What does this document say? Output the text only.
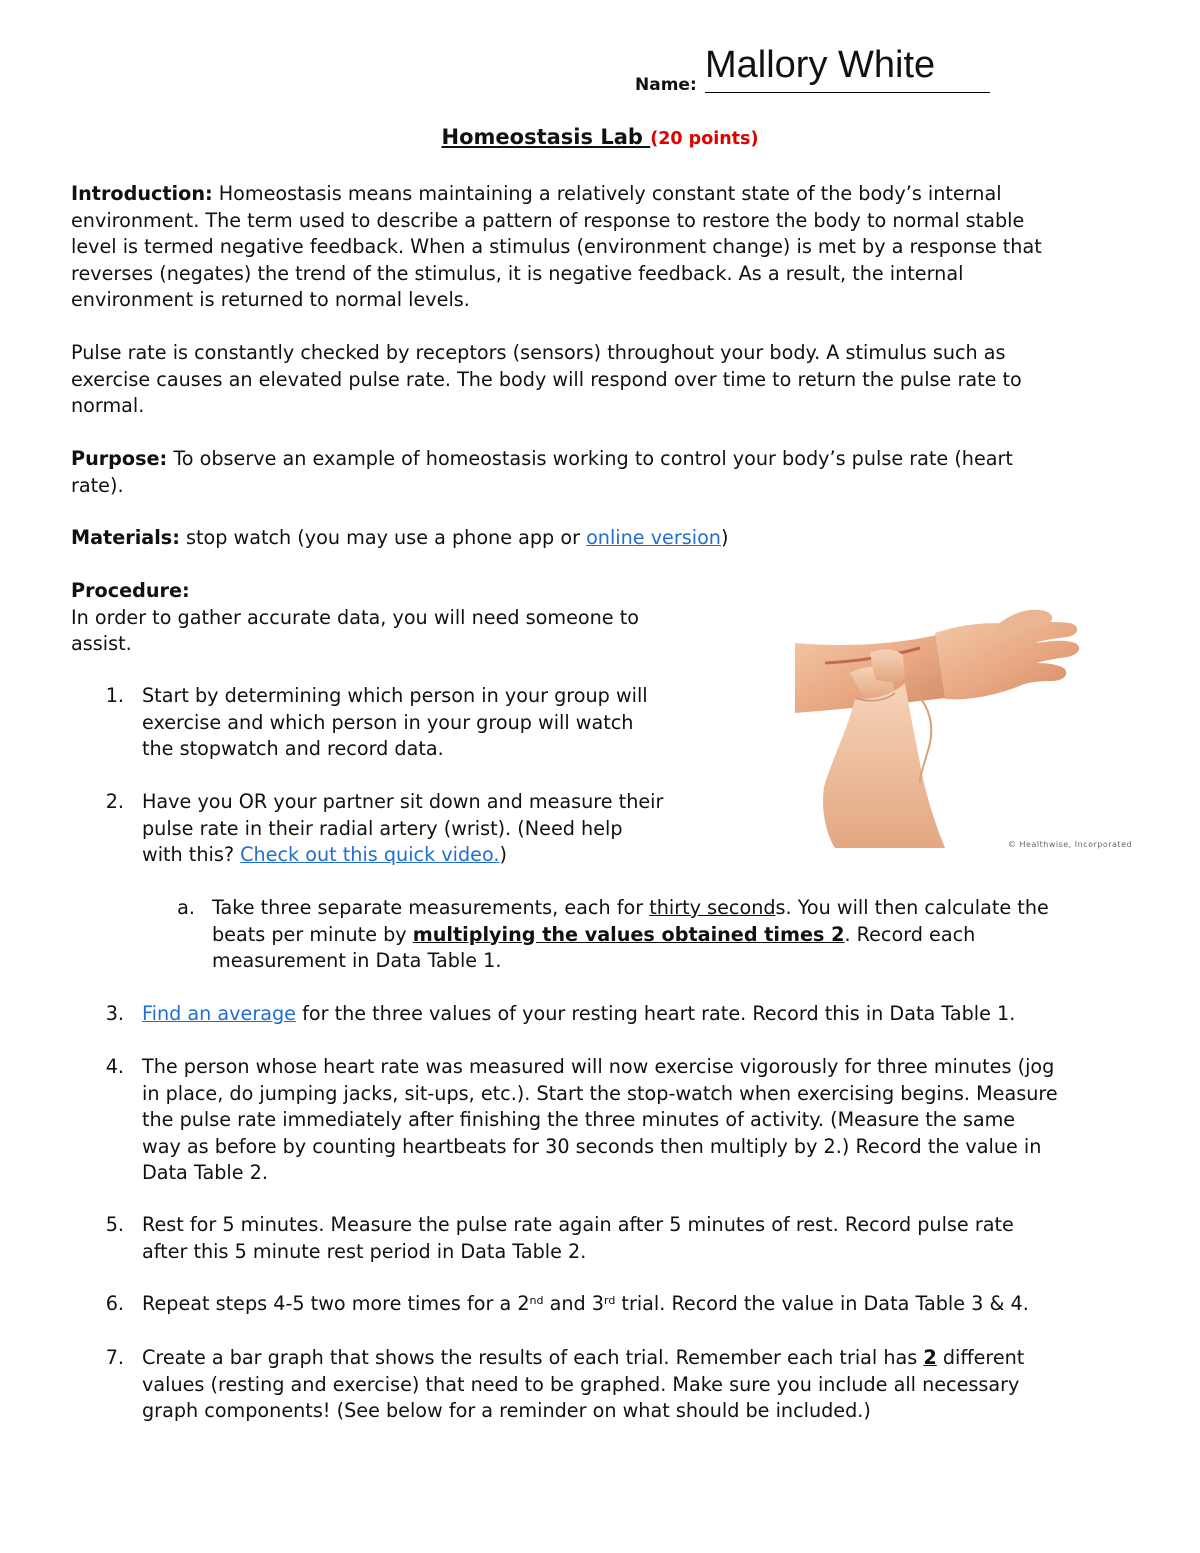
Name: Mallory White
Homeostasis Lab (20 points)
Introduction: Homeostasis means maintaining a relatively constant state of the body’s internal
environment. The term used to describe a pattern of response to restore the body to normal stable
level is termed negative feedback. When a stimulus (environment change) is met by a response that
reverses (negates) the trend of the stimulus, it is negative feedback. As a result, the internal
environment is returned to normal levels.
Pulse rate is constantly checked by receptors (sensors) throughout your body. A stimulus such as
exercise causes an elevated pulse rate. The body will respond over time to return the pulse rate to
normal.
Purpose: To observe an example of homeostasis working to control your body’s pulse rate (heart
rate).
Materials: stop watch (you may use a phone app or online version)
Procedure:
In order to gather accurate data, you will need someone to
assist.
1. Start by determining which person in your group will
exercise and which person in your group will watch
the stopwatch and record data.
2. Have you OR your partner sit down and measure their
pulse rate in their radial artery (wrist). (Need help
with this? Check out this quick video.)
a. Take three separate measurements, each for thirty seconds. You will then calculate the
beats per minute by multiplying the values obtained times 2. Record each
measurement in Data Table 1.
3. Find an average for the three values of your resting heart rate. Record this in Data Table 1.
4. The person whose heart rate was measured will now exercise vigorously for three minutes (jog
in place, do jumping jacks, sit-ups, etc.). Start the stop-watch when exercising begins. Measure
the pulse rate immediately after finishing the three minutes of activity. (Measure the same
way as before by counting heartbeats for 30 seconds then multiply by 2.) Record the value in
Data Table 2.
5. Rest for 5 minutes. Measure the pulse rate again after 5 minutes of rest. Record pulse rate
after this 5 minute rest period in Data Table 2.
6. Repeat steps 4-5 two more times for a 2nd and 3rd trial. Record the value in Data Table 3 & 4.
7. Create a bar graph that shows the results of each trial. Remember each trial has 2 different
values (resting and exercise) that need to be graphed. Make sure you include all necessary
graph components! (See below for a reminder on what should be included.)
© Healthwise, Incorporated
